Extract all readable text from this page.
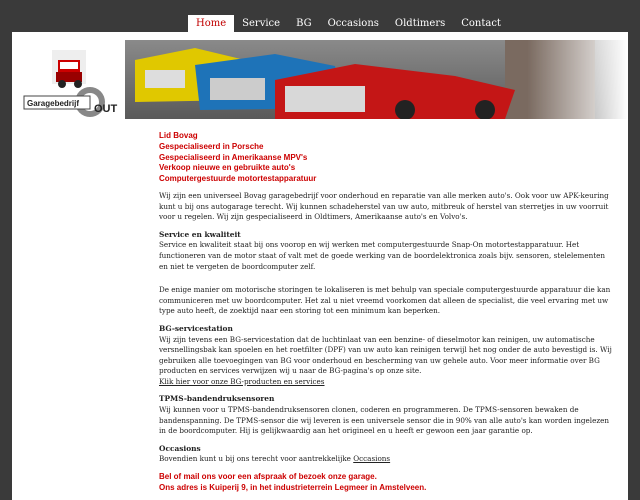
Home	Service	BG	Occasions	Oldtimers	Contact
Garagebedrijf OUT
Lid Bovag
Gespecialiseerd in Porsche
Gespecialiseerd in Amerikaanse MPV's
Verkoop nieuwe en gebruikte auto's
Computergestuurde motortestapparatuur

Wij zijn een universeel Bovag garagebedrijf voor onderhoud en reparatie van alle merken auto's. Ook voor uw APK-keuring kunt u bij ons autogarage terecht. Wij kunnen schadeherstel van uw auto, mitbreuk of herstel van sterretjes in uw voorruit voor u regelen. Wij zijn gespecialiseerd in Oldtimers, Amerikaanse auto's en Volvo's.

Service en kwaliteit

Service en kwaliteit staat bij ons voorop en wij werken met computergestuurde Snap-On motortestapparatuur. Het functioneren van de motor staat of valt met de goede werking van de boordelektronica zoals bijv. sensoren, stelelementen en niet te vergeten de boordcomputer zelf.

De enige manier om motorische storingen te lokaliseren is met behulp van speciale computergestuurde apparatuur die kan communiceren met uw boordcomputer. Het zal u niet vreemd voorkomen dat alleen de specialist, die veel ervaring met uw type auto heeft, de zoektijd naar een storing tot een minimum kan beperken.

BG-servicestation
Wij zijn tevens een BG-servicestation dat de luchtinlaat van een benzine- of dieselmotor kan reinigen, uw automatische versnellingsbak kan spoelen en het roetfilter (DPF) van uw auto kan reinigen terwijl het nog onder de auto bevestigd is. Wij gebruiken alle toevoegingen van BG voor onderhoud en bescherming van uw gehele auto. Voor meer informatie over BG producten en services verwijzen wij u naar de BG-pagina's op onze site.

Klik hier voor onze BG-producten en services

TPMS-bandendruksensoren

Wij kunnen voor u TPMS-bandendruksensoren clonen, coderen en programmeren. De TPMS-sensoren bewaken de bandenspanning. De TPMS-sensor die wij leveren is een universele sensor die in 90% van alle auto's kan worden ingelezen in de boordcomputer. Hij is gelijkwaardig aan het origineel en u heeft er gewoon een jaar garantie op.

Occasions

Bovendien kunt u bij ons terecht voor aantrekkelijke Occasions

Bel of mail ons voor een afspraak of bezoek onze garage.
Ons adres is Kuiperij 9, in het industrieterrein Legmeer in Amstelveen.
